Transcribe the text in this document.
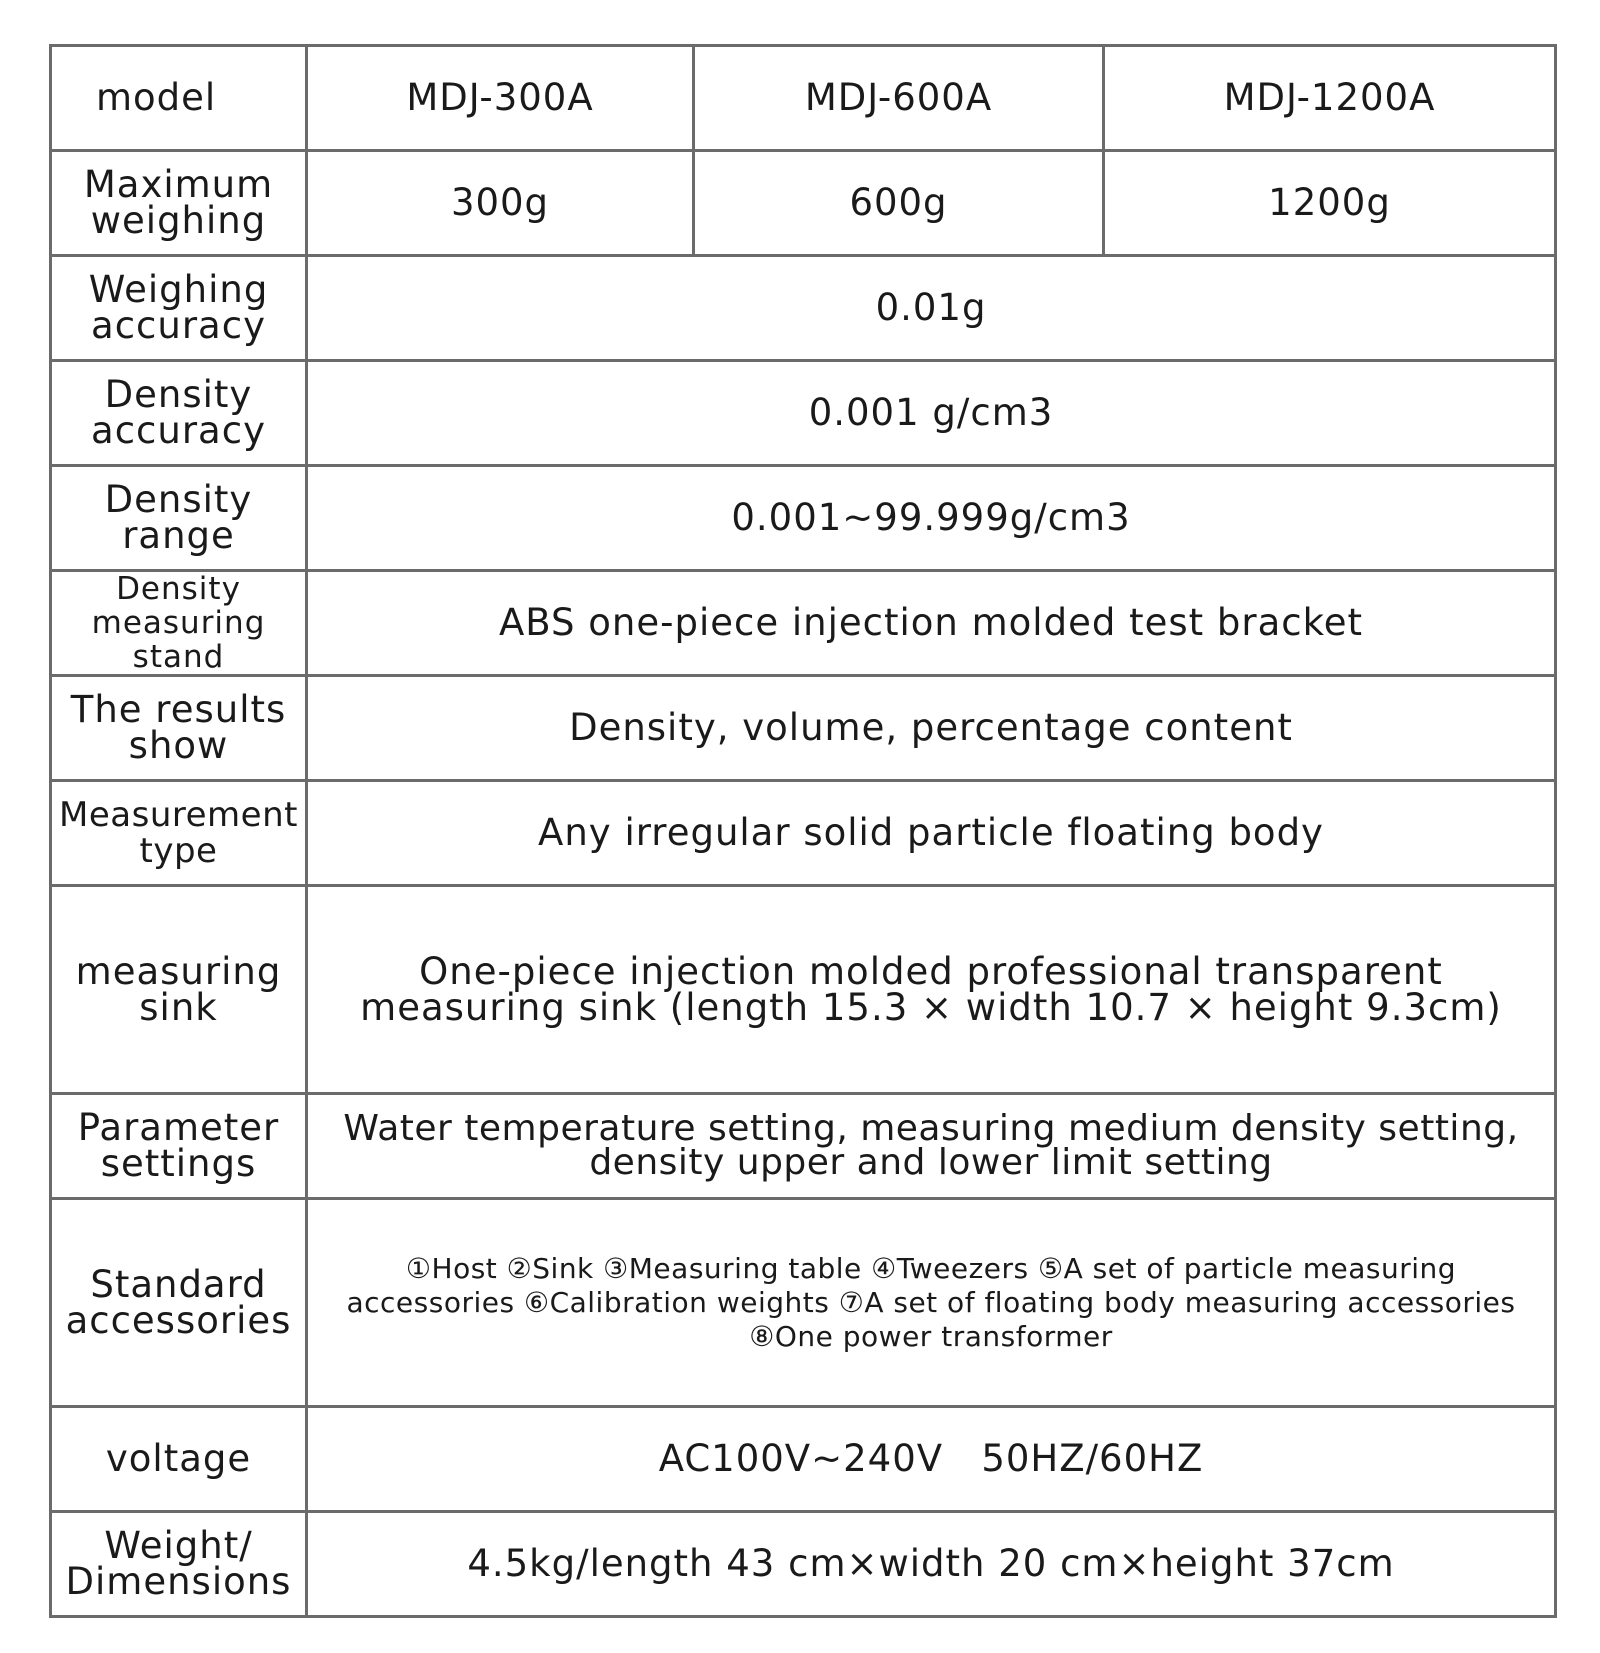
model	MDJ-300A	MDJ-600A	MDJ-1200A
Maximum
weighing	300g	600g	1200g
Weighing
accuracy	0.01g		
Density
accuracy	0.001 g/cm3		
Density
range	0.001~99.999g/cm3		
Density
measuring
stand	ABS one-piece injection molded test bracket		
The results
show	Density, volume, percentage content		
Measurement
type	Any irregular solid particle floating body		
measuring
sink	One-piece injection molded professional transparent
measuring sink (length 15.3 × width 10.7 × height 9.3cm)		
Parameter
settings	Water temperature setting, measuring medium density setting,
density upper and lower limit setting		
Standard
accessories	①Host ②Sink ③Measuring table ④Tweezers ⑤A set of particle measuring
accessories ⑥Calibration weights ⑦A set of floating body measuring accessories
⑧One power transformer		
voltage	AC100V~240V   50HZ/60HZ		
Weight/
Dimensions	4.5kg/length 43 cm×width 20 cm×height 37cm		
